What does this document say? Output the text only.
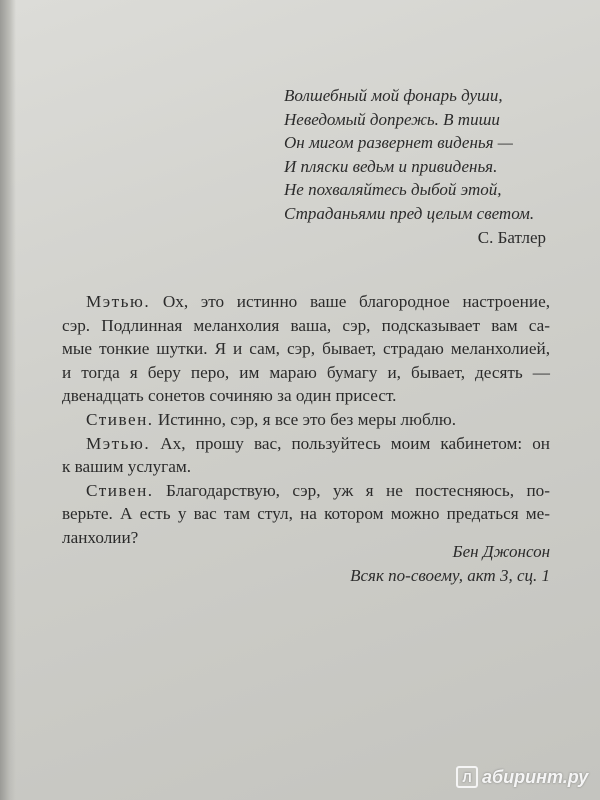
Волшебный мой фонарь души,
Неведомый допрежь. В тиши
Он мигом развернет виденья —
И пляски ведьм и привиденья.
Не похваляйтесь дыбой этой,
Страданьями пред целым светом.
С. Батлер

Мэтью. Ох, это истинно ваше благородное настроение,
сэр. Подлинная меланхолия ваша, сэр, подсказывает вам са-
мые тонкие шутки. Я и сам, сэр, бывает, страдаю меланхолией,
и тогда я беру перо, им мараю бумагу и, бывает, десять —
двенадцать сонетов сочиняю за один присест.

Стивен. Истинно, сэр, я все это без меры люблю.

Мэтью. Ах, прошу вас, пользуйтесь моим кабинетом: он
к вашим услугам.

Стивен. Благодарствую, сэр, уж я не постесняюсь, по-
верьте. А есть у вас там стул, на котором можно предаться ме-
ланхолии?

Бен Джонсон
Всяк по-своему, акт 3, сц. 1
Л абиринт.ру
